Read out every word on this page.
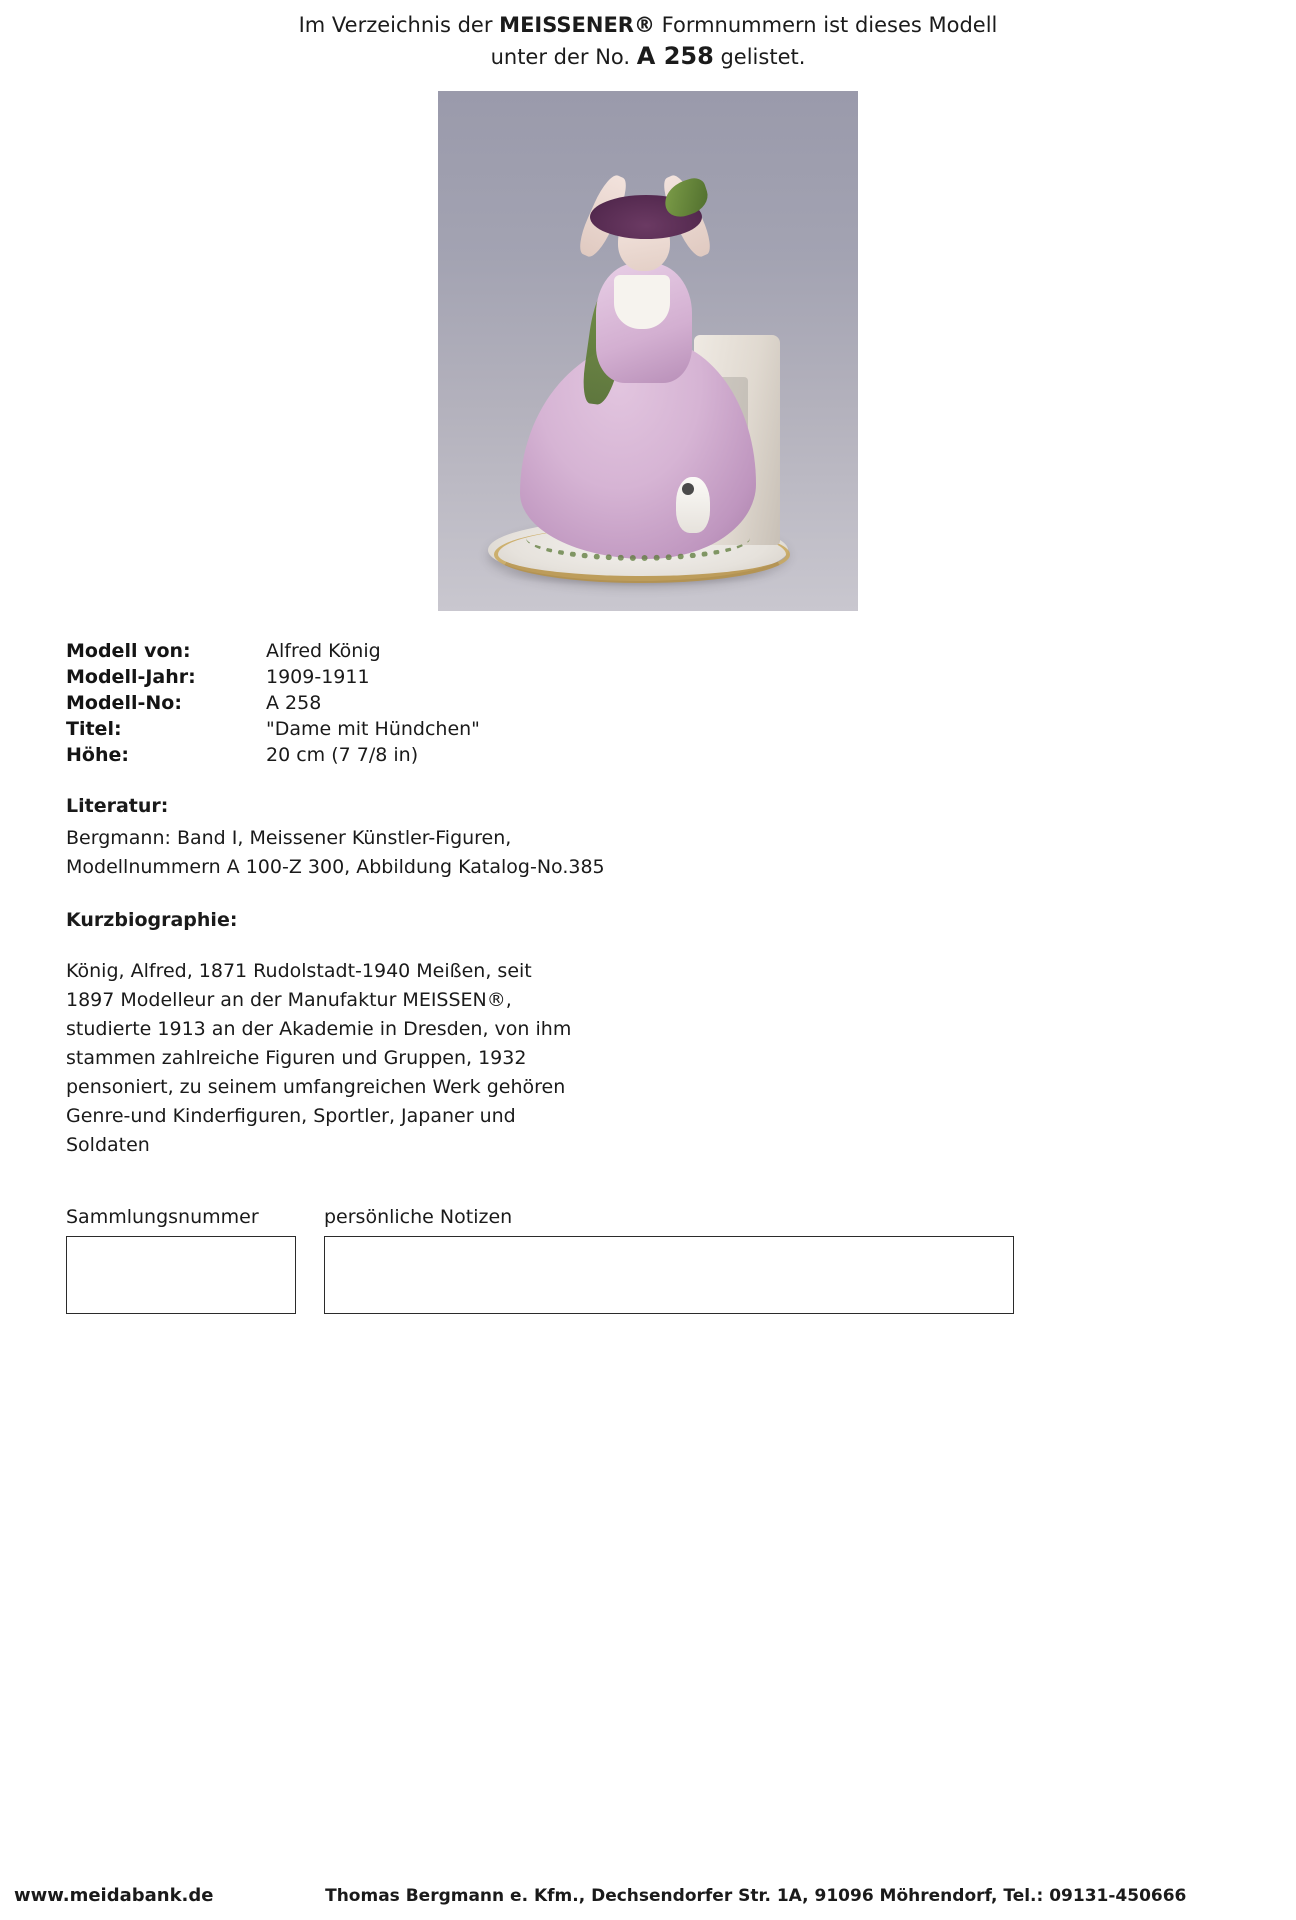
Im Verzeichnis der MEISSENER® Formnummern ist dieses Modell
unter der No. A 258 gelistet.
Modell von:	Alfred König
Modell-Jahr:	1909-1911
Modell-No:	A 258
Titel:	"Dame mit Hündchen"
Höhe:	20 cm (7 7/8 in)
Literatur:

Bergmann: Band I, Meissener Künstler-Figuren,

Modellnummern A 100-Z 300, Abbildung Katalog-No.385

Kurzbiographie:

König, Alfred, 1871 Rudolstadt-1940 Meißen, seit

1897 Modelleur an der Manufaktur MEISSEN®,

studierte 1913 an der Akademie in Dresden, von ihm

stammen zahlreiche Figuren und Gruppen, 1932

pensoniert, zu seinem umfangreichen Werk gehören

Genre-und Kinderfiguren, Sportler, Japaner und

Soldaten

Sammlungsnummer	persönliche Notizen
www.meidabank.de	Thomas Bergmann e. Kfm., Dechsendorfer Str. 1A, 91096 Möhrendorf, Tel.: 09131-450666
